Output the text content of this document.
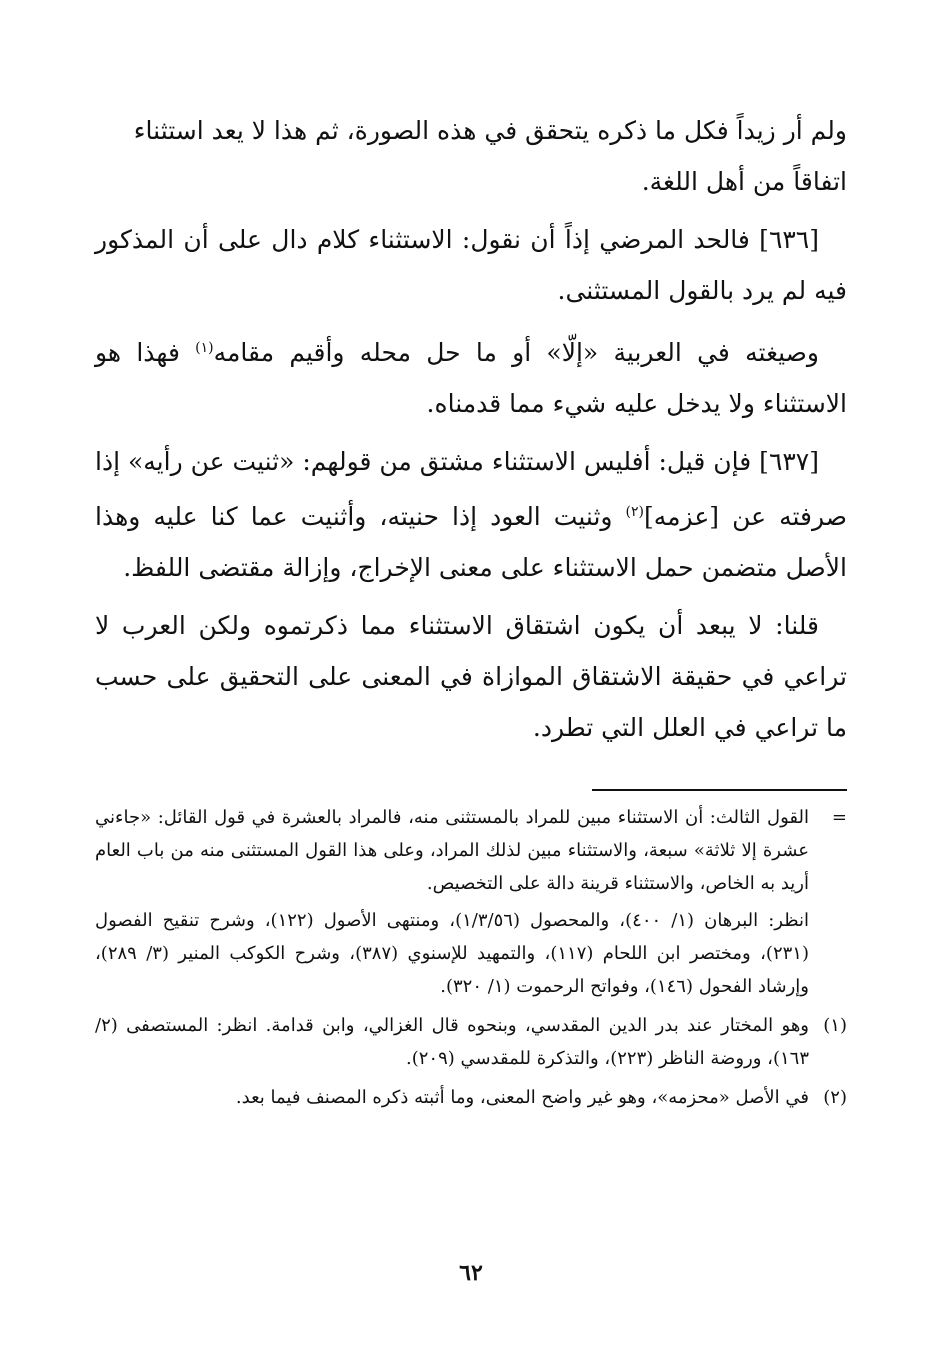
ولم أر زيداً فكل ما ذكره يتحقق في هذه الصورة، ثم هذا لا يعد استثناء
اتفاقاً من أهل اللغة.

[٦٣٦] فالحد المرضي إذاً أن نقول: الاستثناء كلام دال على أن المذكور فيه لم يرد بالقول المستثنى.

وصيغته في العربية «إلّا» أو ما حل محله وأقيم مقامه$^{(١)}$ فهذا هو الاستثناء ولا يدخل عليه شيء مما قدمناه.

[٦٣٧] فإن قيل: أفليس الاستثناء مشتق من قولهم: «ثنيت عن رأيه» إذا صرفته عن [عزمه]$^{(٢)}$ وثنيت العود إذا حنيته، وأثنيت عما كنا عليه وهذا الأصل متضمن حمل الاستثناء على معنى الإخراج، وإزالة مقتضى اللفظ.

قلنا: لا يبعد أن يكون اشتقاق الاستثناء مما ذكرتموه ولكن العرب لا تراعي في حقيقة الاشتقاق الموازاة في المعنى على التحقيق على حسب ما تراعي في العلل التي تطرد.

=

القول الثالث: أن الاستثناء مبين للمراد بالمستثنى منه، فالمراد بالعشرة في قول القائل: «جاءني عشرة إلا ثلاثة» سبعة، والاستثناء مبين لذلك المراد، وعلى هذا القول المستثنى منه من باب العام أريد به الخاص، والاستثناء قرينة دالة على التخصيص.

انظر: البرهان (١/ ٤٠٠)، والمحصول (١/٣/٥٦)، ومنتهى الأصول (١٢٢)، وشرح تنقيح الفصول (٢٣١)، ومختصر ابن اللحام (١١٧)، والتمهيد للإسنوي (٣٨٧)، وشرح الكوكب المنير (٣/ ٢٨٩)، وإرشاد الفحول (١٤٦)، وفواتح الرحموت (١/ ٣٢٠).

(١)

وهو المختار عند بدر الدين المقدسي، وبنحوه قال الغزالي، وابن قدامة. انظر: المستصفى (٢/ ١٦٣)، وروضة الناظر (٢٢٣)، والتذكرة للمقدسي (٢٠٩).

(٢)

في الأصل «محزمه»، وهو غير واضح المعنى، وما أثبته ذكره المصنف فيما بعد.

٦٢
